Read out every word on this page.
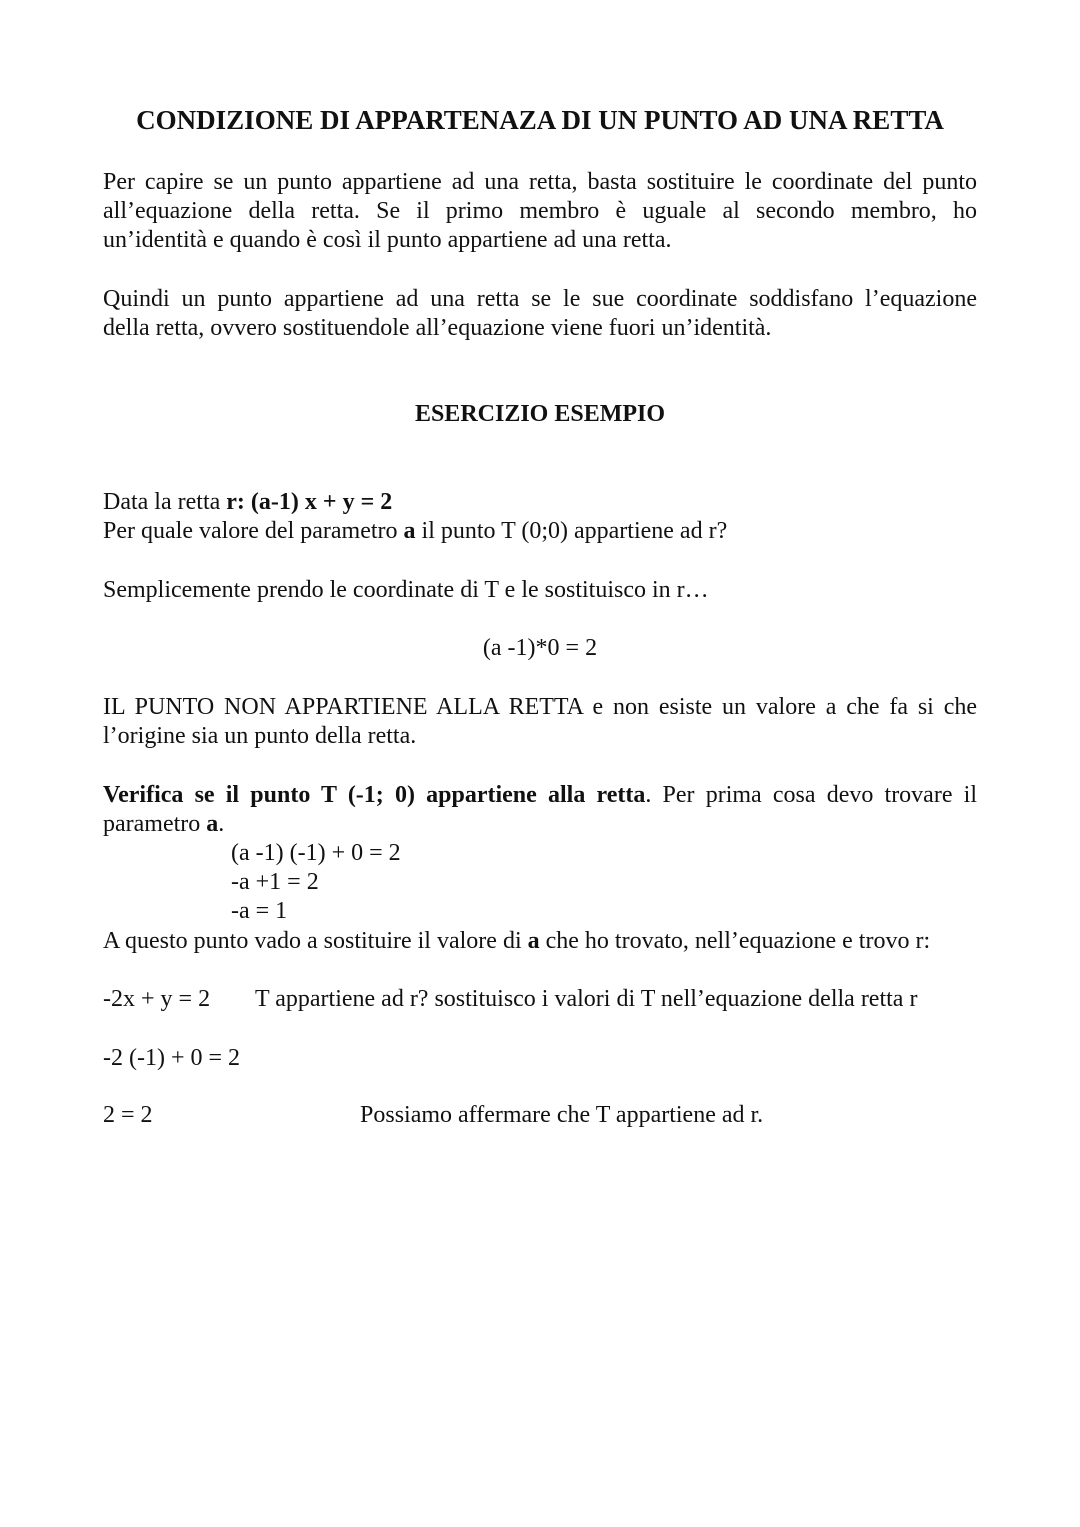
CONDIZIONE DI APPARTENAZA DI UN PUNTO AD UNA RETTA
Per capire se un punto appartiene ad una retta, basta sostituire le coordinate del punto
all’equazione della retta. Se il primo membro è uguale al secondo membro, ho
un’identità e quando è così il punto appartiene ad una retta.
Quindi un punto appartiene ad una retta se le sue coordinate soddisfano l’equazione
della retta, ovvero sostituendole all’equazione viene fuori un’identità.
ESERCIZIO ESEMPIO
Data la retta r: (a-1) x + y = 2
Per quale valore del parametro a il punto T (0;0) appartiene ad r?
Semplicemente prendo le coordinate di T e le sostituisco in r…
(a -1)*0 = 2
IL PUNTO NON APPARTIENE ALLA RETTA e non esiste un valore a che fa si che
l’origine sia un punto della retta.
Verifica se il punto T (-1; 0) appartiene alla retta. Per prima cosa devo trovare il
parametro a.
(a -1) (-1) + 0 = 2
-a +1 = 2
-a = 1
A questo punto vado a sostituire il valore di a che ho trovato, nell’equazione e trovo r:
-2x + y = 2 T appartiene ad r? sostituisco i valori di T nell’equazione della retta r
-2 (-1) + 0 = 2
2 = 2	Possiamo affermare che T appartiene ad r.
